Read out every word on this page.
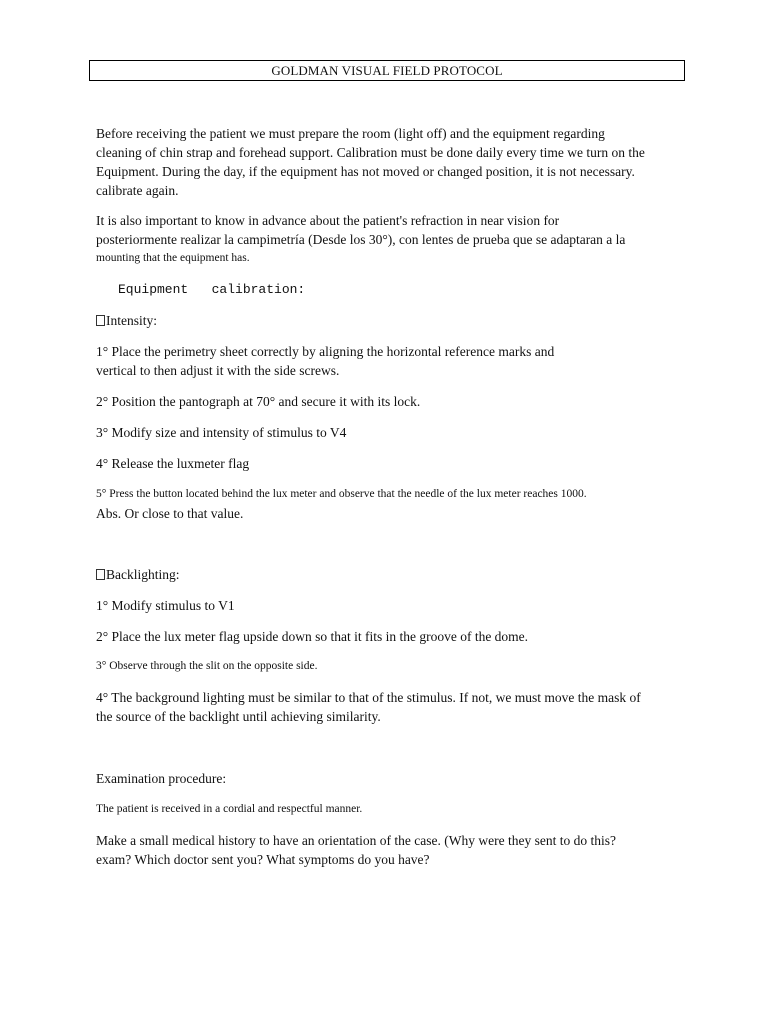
GOLDMAN VISUAL FIELD PROTOCOL

Before receiving the patient we must prepare the room (light off) and the equipment regarding
cleaning of chin strap and forehead support. Calibration must be done daily every time we turn on the
Equipment. During the day, if the equipment has not moved or changed position, it is not necessary.
calibrate again.

It is also important to know in advance about the patient's refraction in near vision for
posteriormente realizar la campimetría (Desde los 30°), con lentes de prueba que se adaptaran a la
mounting that the equipment has.

Equipment   calibration:

Intensity:

1° Place the perimetry sheet correctly by aligning the horizontal reference marks and
vertical to then adjust it with the side screws.

2° Position the pantograph at 70° and secure it with its lock.

3° Modify size and intensity of stimulus to V4

4° Release the luxmeter flag

5° Press the button located behind the lux meter and observe that the needle of the lux meter reaches 1000.
Abs. Or close to that value.

Backlighting:

1° Modify stimulus to V1

2° Place the lux meter flag upside down so that it fits in the groove of the dome.

3° Observe through the slit on the opposite side.

4° The background lighting must be similar to that of the stimulus. If not, we must move the mask of
the source of the backlight until achieving similarity.

Examination procedure:

The patient is received in a cordial and respectful manner.

Make a small medical history to have an orientation of the case. (Why were they sent to do this?
exam? Which doctor sent you? What symptoms do you have?
